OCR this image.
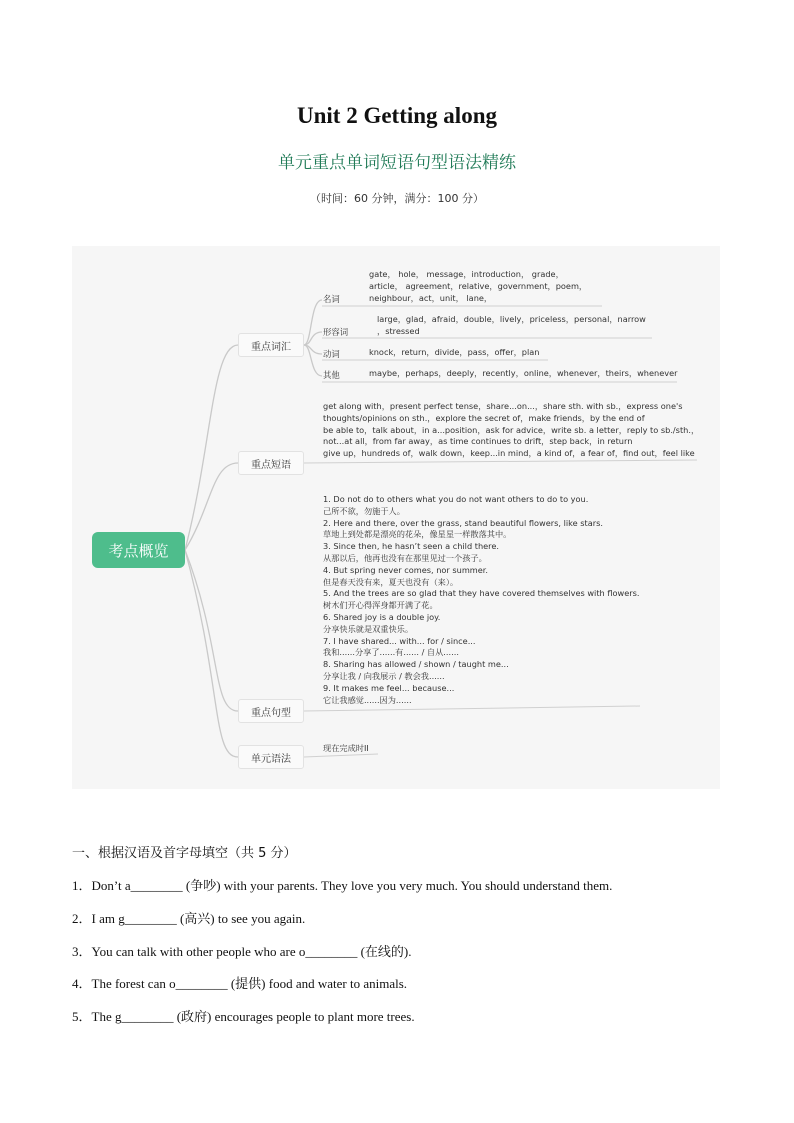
Unit 2 Getting along
单元重点单词短语句型语法精练
（时间：60 分钟，满分：100 分）
考点概览
重点词汇
重点短语
重点句型
单元语法
名词
gate， hole， message，introduction， grade，
article， agreement，relative，government，poem，
neighbour，act，unit， lane，
形容词
large，glad，afraid，double，lively，priceless，personal，narrow
，stressed
动词	knock，return，divide，pass，offer，plan
其他	maybe，perhaps，deeply，recently，online，whenever，theirs，whenever
get along with，present perfect tense，share...on...，share sth. with sb.，express one's
thoughts/opinions on sth.，explore the secret of，make friends，by the end of
be able to，talk about，in a...position，ask for advice，write sb. a letter，reply to sb./sth.，
not...at all，from far away，as time continues to drift，step back，in return
give up，hundreds of，walk down，keep...in mind，a kind of，a fear of，find out，feel like
1. Do not do to others what you do not want others to do to you.
己所不欲，勿施于人。
2. Here and there, over the grass, stand beautiful flowers, like stars.
草地上到处都是漂亮的花朵，像星星一样散落其中。
3. Since then, he hasn’t seen a child there.
从那以后，他再也没有在那里见过一个孩子。
4. But spring never comes, nor summer.
但是春天没有来，夏天也没有（来）。
5. And the trees are so glad that they have covered themselves with flowers.
树木们开心得浑身都开满了花。
6. Shared joy is a double joy.
分享快乐就是双重快乐。
7. I have shared... with... for / since...
我和......分享了......有...... / 自从......
8. Sharing has allowed / shown / taught me...
分享让我 / 向我展示 / 教会我......
9. It makes me feel... because...
它让我感觉......因为......
现在完成时II
一、根据汉语及首字母填空（共 5 分）
1．Don’t a________ (争吵) with your parents. They love you very much. You should understand them.
2．I am g________ (高兴) to see you again.
3．You can talk with other people who are o________ (在线的).
4．The forest can o________ (提供) food and water to animals.
5．The g________ (政府) encourages people to plant more trees.
